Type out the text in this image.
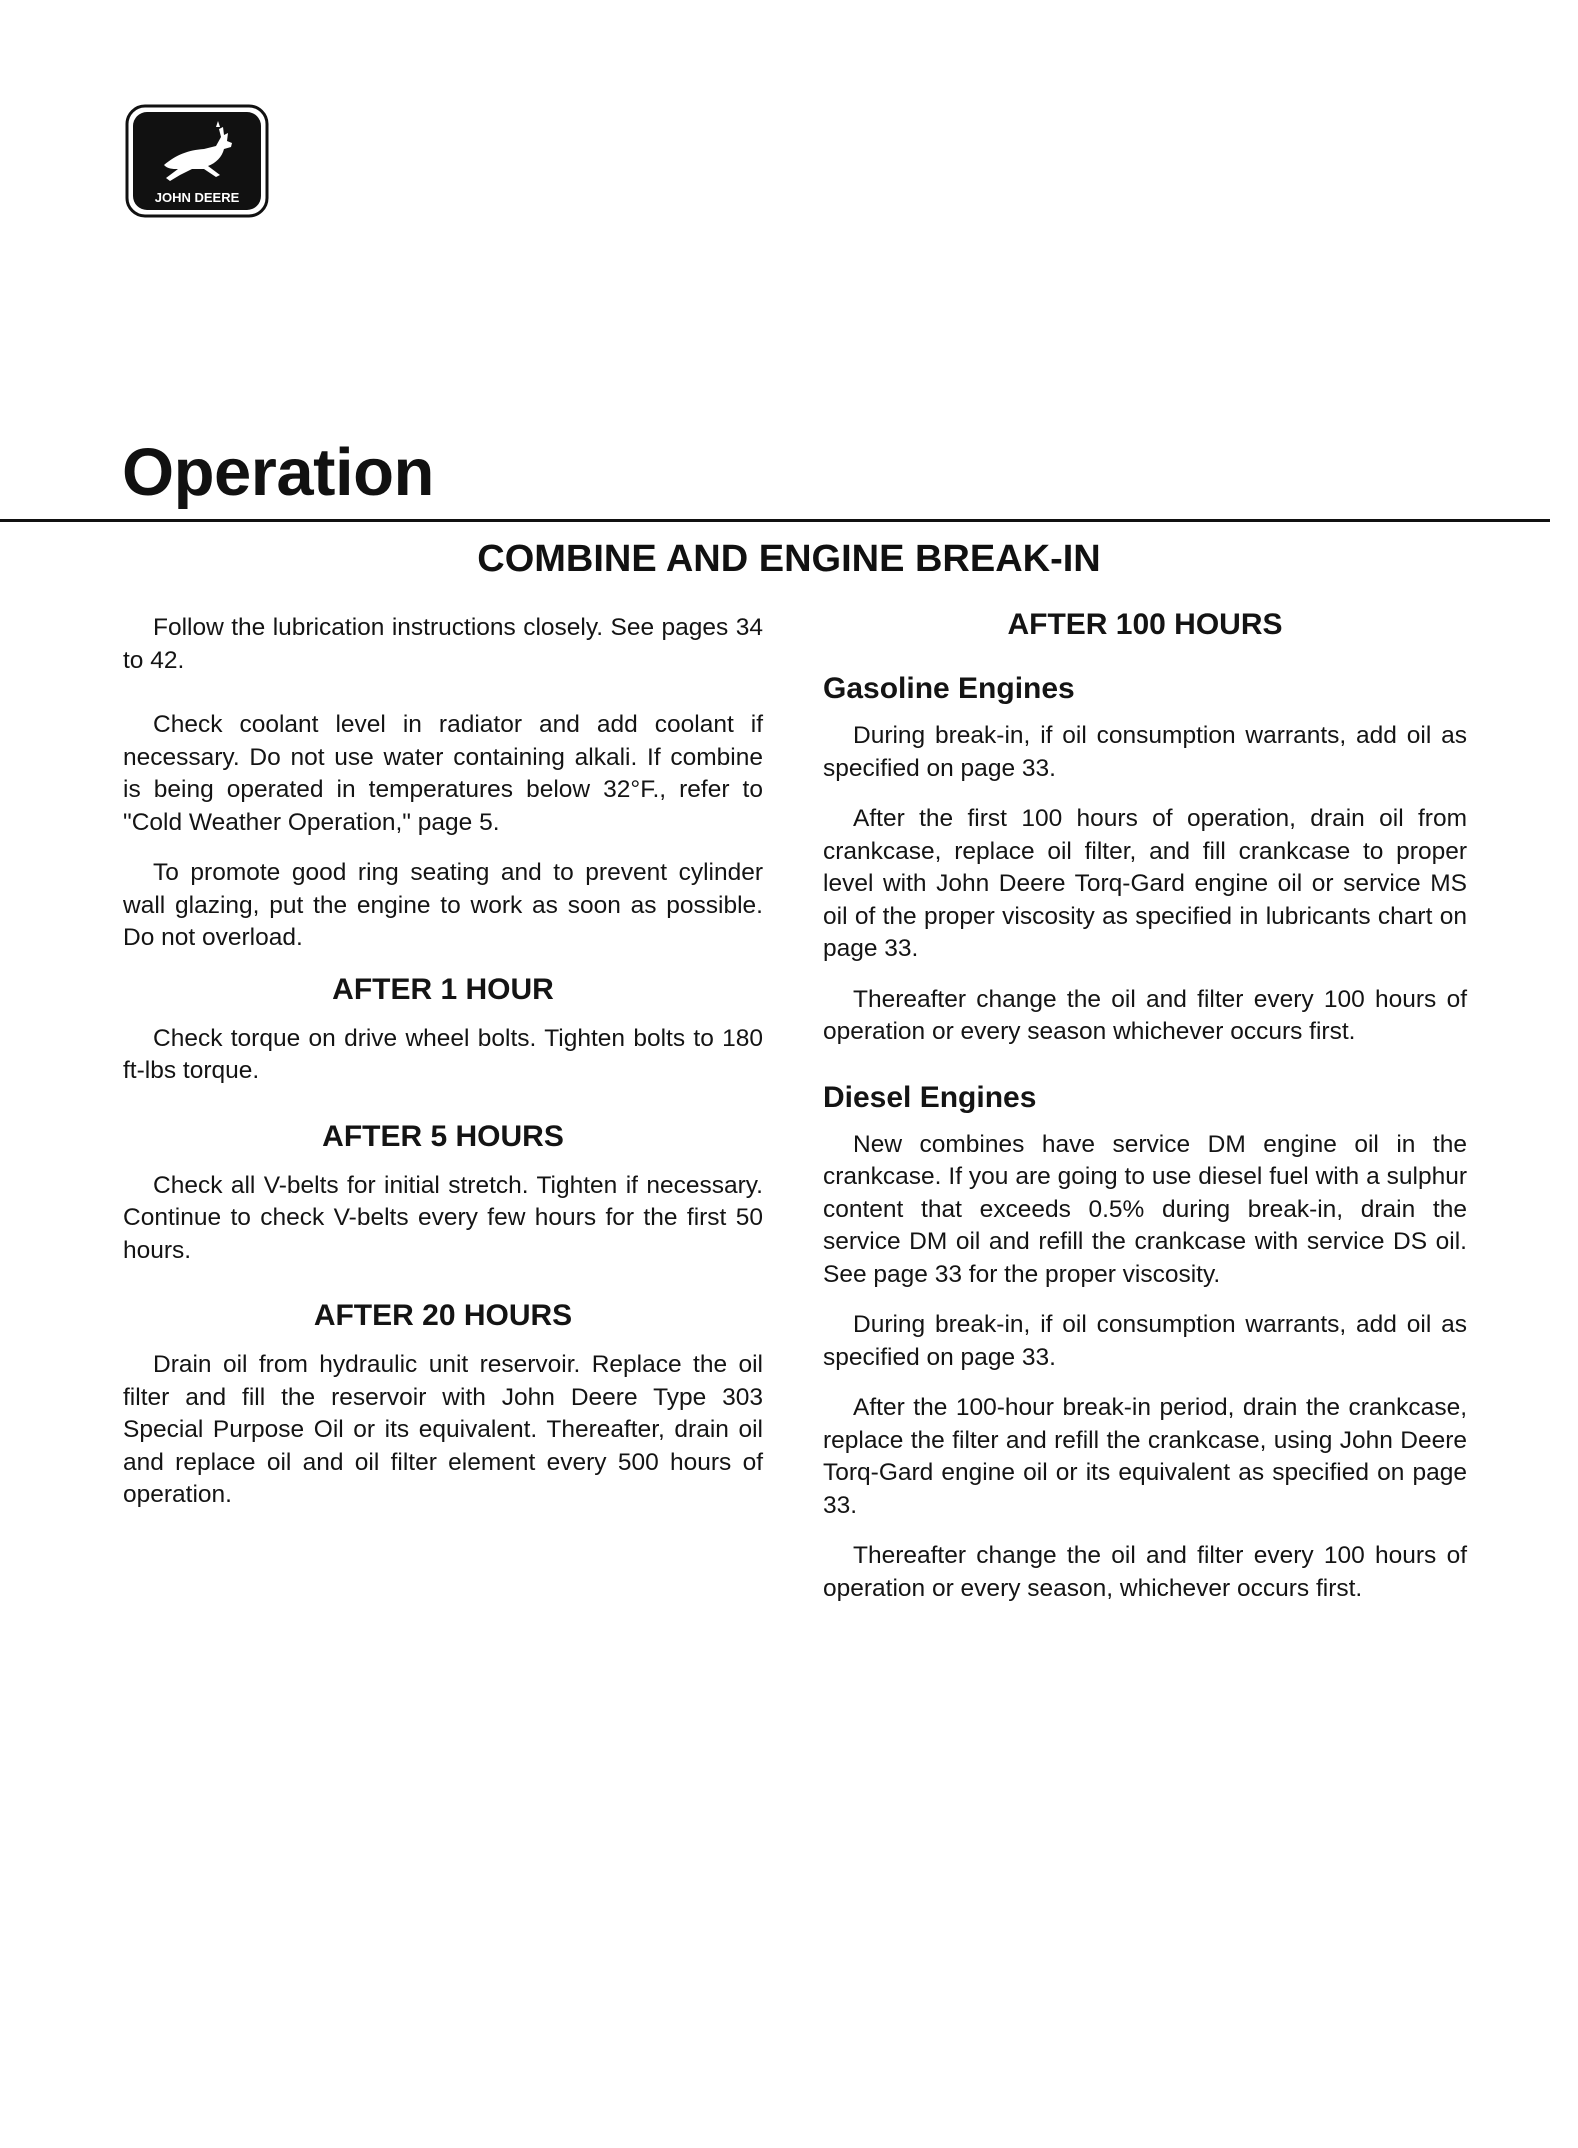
JOHN DEERE
Operation
COMBINE AND ENGINE BREAK-IN

Follow the lubrication instructions closely. See pages 34 to 42.

Check coolant level in radiator and add coolant if necessary. Do not use water containing alkali. If combine is being operated in temperatures below 32°F., refer to "Cold Weather Operation," page 5.

To promote good ring seating and to prevent cylinder wall glazing, put the engine to work as soon as possible. Do not overload.

AFTER 1 HOUR

Check torque on drive wheel bolts. Tighten bolts to 180 ft-lbs torque.

AFTER 5 HOURS

Check all V-belts for initial stretch. Tighten if necessary. Continue to check V-belts every few hours for the first 50 hours.

AFTER 20 HOURS

Drain oil from hydraulic unit reservoir. Replace the oil filter and fill the reservoir with John Deere Type 303 Special Purpose Oil or its equivalent. Thereafter, drain oil and replace oil and oil filter element every 500 hours of operation.

AFTER 100 HOURS
Gasoline Engines

During break-in, if oil consumption warrants, add oil as specified on page 33.

After the first 100 hours of operation, drain oil from crankcase, replace oil filter, and fill crankcase to proper level with John Deere Torq-Gard engine oil or service MS oil of the proper viscosity as specified in lubricants chart on page 33.

Thereafter change the oil and filter every 100 hours of operation or every season whichever occurs first.

Diesel Engines

New combines have service DM engine oil in the crankcase. If you are going to use diesel fuel with a sulphur content that exceeds 0.5% during break-in, drain the service DM oil and refill the crankcase with service DS oil. See page 33 for the proper viscosity.

During break-in, if oil consumption warrants, add oil as specified on page 33.

After the 100-hour break-in period, drain the crankcase, replace the filter and refill the crankcase, using John Deere Torq-Gard engine oil or its equivalent as specified on page 33.

Thereafter change the oil and filter every 100 hours of operation or every season, whichever occurs first.
